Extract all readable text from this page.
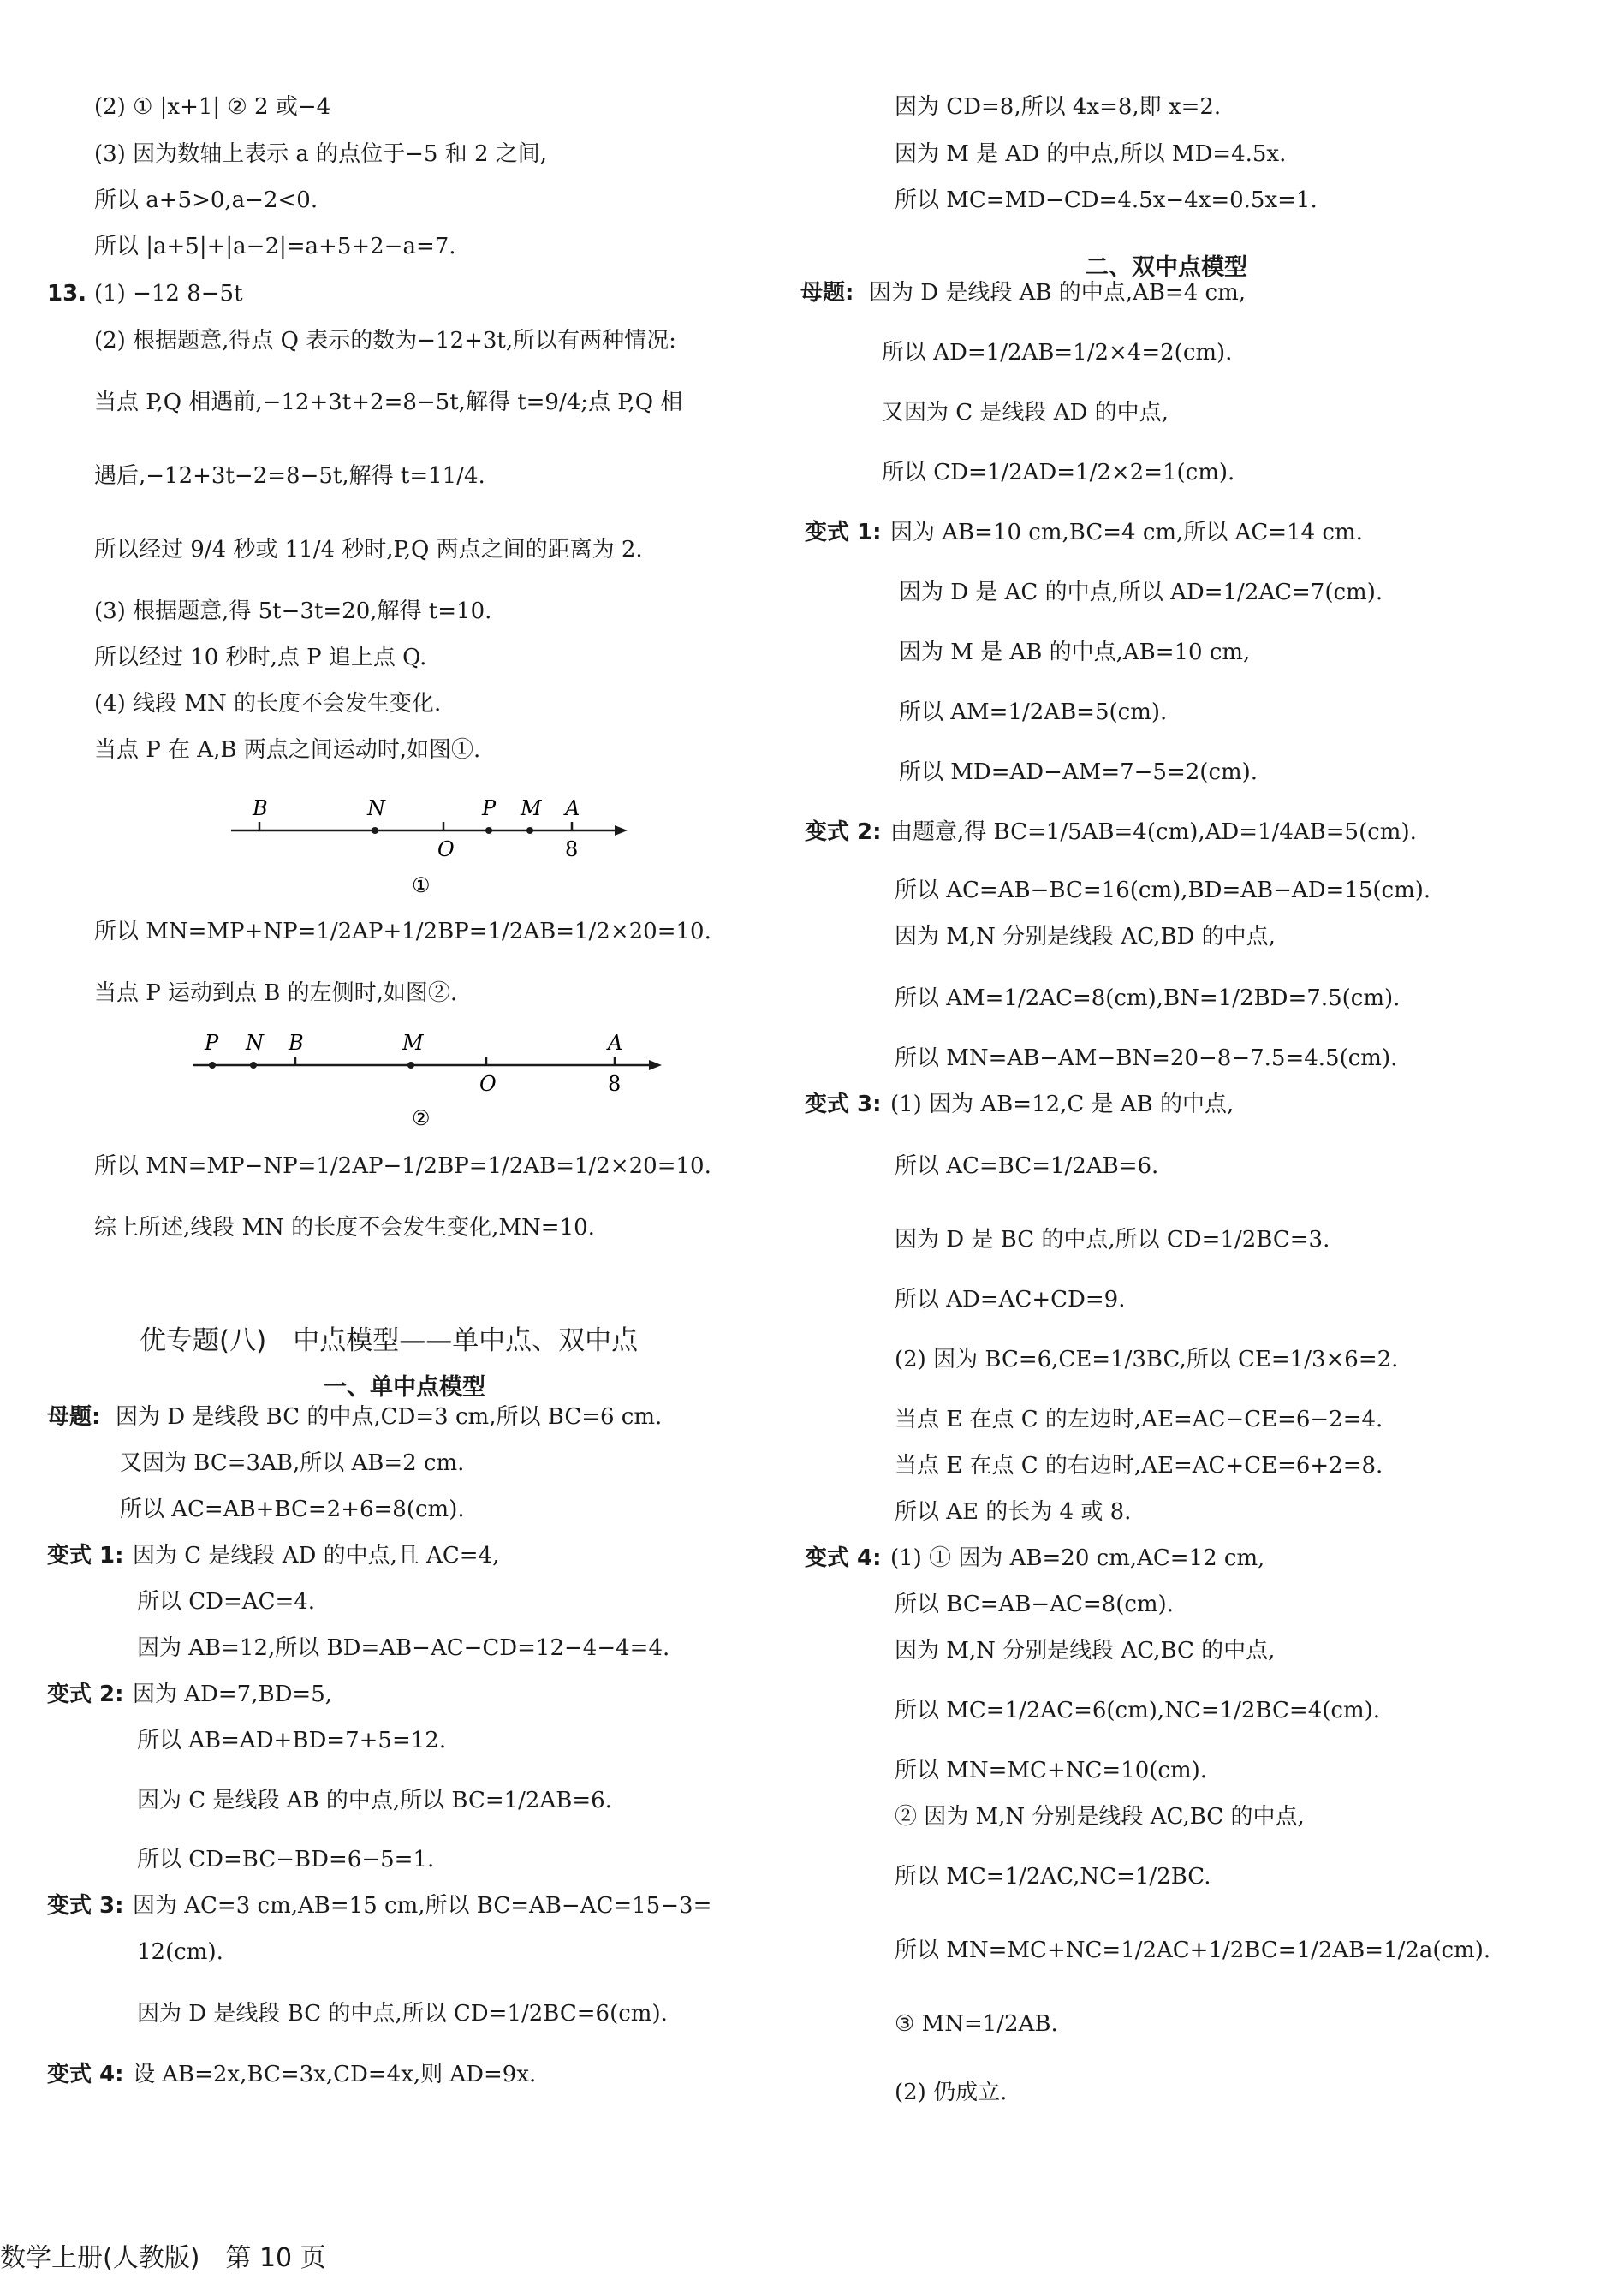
(2) ① |x+1| ② 2 或−4
(3) 因为数轴上表示 a 的点位于−5 和 2 之间,
所以 a+5>0,a−2<0.
所以 |a+5|+|a−2|=a+5+2−a=7.
13. (1) −12 8−5t
(2) 根据题意,得点 Q 表示的数为−12+3t,所以有两种情况:
当点 P,Q 相遇前,−12+3t+2=8−5t,解得 t=9/4;点 P,Q 相
遇后,−12+3t−2=8−5t,解得 t=11/4.
所以经过 9/4 秒或 11/4 秒时,P,Q 两点之间的距离为 2.
(3) 根据题意,得 5t−3t=20,解得 t=10.
所以经过 10 秒时,点 P 追上点 Q.
(4) 线段 MN 的长度不会发生变化.
当点 P 在 A,B 两点之间运动时,如图①.
所以 MN=MP+NP=1/2AP+1/2BP=1/2AB=1/2×20=10.
当点 P 运动到点 B 的左侧时,如图②.
所以 MN=MP−NP=1/2AP−1/2BP=1/2AB=1/2×20=10.
综上所述,线段 MN 的长度不会发生变化,MN=10.
母题: 因为 D 是线段 BC 的中点,CD=3 cm,所以 BC=6 cm.
又因为 BC=3AB,所以 AB=2 cm.
所以 AC=AB+BC=2+6=8(cm).
变式 1: 因为 C 是线段 AD 的中点,且 AC=4,
所以 CD=AC=4.
因为 AB=12,所以 BD=AB−AC−CD=12−4−4=4.
变式 2: 因为 AD=7,BD=5,
所以 AB=AD+BD=7+5=12.
因为 C 是线段 AB 的中点,所以 BC=1/2AB=6.
所以 CD=BC−BD=6−5=1.
变式 3: 因为 AC=3 cm,AB=15 cm,所以 BC=AB−AC=15−3=
12(cm).
因为 D 是线段 BC 的中点,所以 CD=1/2BC=6(cm).
变式 4: 设 AB=2x,BC=3x,CD=4x,则 AD=9x.
因为 CD=8,所以 4x=8,即 x=2.
因为 M 是 AD 的中点,所以 MD=4.5x.
所以 MC=MD−CD=4.5x−4x=0.5x=1.
母题: 因为 D 是线段 AB 的中点,AB=4 cm,
所以 AD=1/2AB=1/2×4=2(cm).
又因为 C 是线段 AD 的中点,
所以 CD=1/2AD=1/2×2=1(cm).
变式 1: 因为 AB=10 cm,BC=4 cm,所以 AC=14 cm.
因为 D 是 AC 的中点,所以 AD=1/2AC=7(cm).
因为 M 是 AB 的中点,AB=10 cm,
所以 AM=1/2AB=5(cm).
所以 MD=AD−AM=7−5=2(cm).
变式 2: 由题意,得 BC=1/5AB=4(cm),AD=1/4AB=5(cm).
所以 AC=AB−BC=16(cm),BD=AB−AD=15(cm).
因为 M,N 分别是线段 AC,BD 的中点,
所以 AM=1/2AC=8(cm),BN=1/2BD=7.5(cm).
所以 MN=AB−AM−BN=20−8−7.5=4.5(cm).
变式 3: (1) 因为 AB=12,C 是 AB 的中点,
所以 AC=BC=1/2AB=6.
因为 D 是 BC 的中点,所以 CD=1/2BC=3.
所以 AD=AC+CD=9.
(2) 因为 BC=6,CE=1/3BC,所以 CE=1/3×6=2.
当点 E 在点 C 的左边时,AE=AC−CE=6−2=4.
当点 E 在点 C 的右边时,AE=AC+CE=6+2=8.
所以 AE 的长为 4 或 8.
变式 4: (1) ① 因为 AB=20 cm,AC=12 cm,
所以 BC=AB−AC=8(cm).
因为 M,N 分别是线段 AC,BC 的中点,
所以 MC=1/2AC=6(cm),NC=1/2BC=4(cm).
所以 MN=MC+NC=10(cm).
② 因为 M,N 分别是线段 AC,BC 的中点,
所以 MC=1/2AC,NC=1/2BC.
所以 MN=MC+NC=1/2AC+1/2BC=1/2AB=1/2a(cm).
③ MN=1/2AB.
(2) 仍成立.
优专题(八)　中点模型——单中点、双中点
一、单中点模型
二、双中点模型
B	N
O
P M A
8
①
P N B	M
O
A
8
②
数学上册(人教版)　第 10 页
